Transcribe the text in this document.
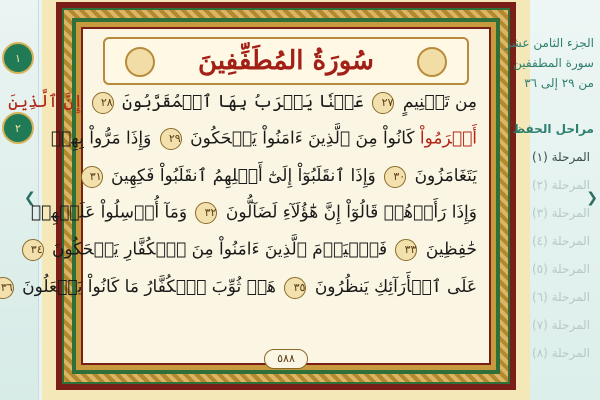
۱
۲
❮
سُورَةُ المُطَفِّفِينَ
مِن تَسۡنِيمٍ ٢٧ عَيۡنٗا يَشۡرَبُ بِهَا ٱلۡمُقَرَّبُونَ ٢٨ إِنَّ ٱلَّذِينَ
أَجۡرَمُواْ كَانُواْ مِنَ ٱلَّذِينَ ءَامَنُواْ يَضۡحَكُونَ ٢٩ وَإِذَا مَرُّواْ بِهِمۡ
يَتَغَامَزُونَ ٣٠ وَإِذَا ٱنقَلَبُوٓاْ إِلَىٰٓ أَهۡلِهِمُ ٱنقَلَبُواْ فَكِهِينَ ٣١
وَإِذَا رَأَوۡهُمۡ قَالُوٓاْ إِنَّ هَٰٓؤُلَآءِ لَضَآلُّونَ ٣٢ وَمَآ أُرۡسِلُواْ عَلَيۡهِمۡ
حَٰفِظِينَ ٣٣ فَٱلۡيَوۡمَ ٱلَّذِينَ ءَامَنُواْ مِنَ ٱلۡكُفَّارِ يَضۡحَكُونَ ٣٤
عَلَى ٱلۡأَرَآئِكِ يَنظُرُونَ ٣٥ هَلۡ ثُوِّبَ ٱلۡكُفَّارُ مَا كَانُواْ يَفۡعَلُونَ ٣٦
٥٨٨
الجزء الثامن عشر
سورة المطففين
من ٢٩ إلى ٣٦
مراحل الحفظ
المرحلة (١)
المرحلة (٢)
المرحلة (٣)
المرحلة (٤)
المرحلة (٥)
المرحلة (٦)
المرحلة (٧)
المرحلة (٨)
❯
